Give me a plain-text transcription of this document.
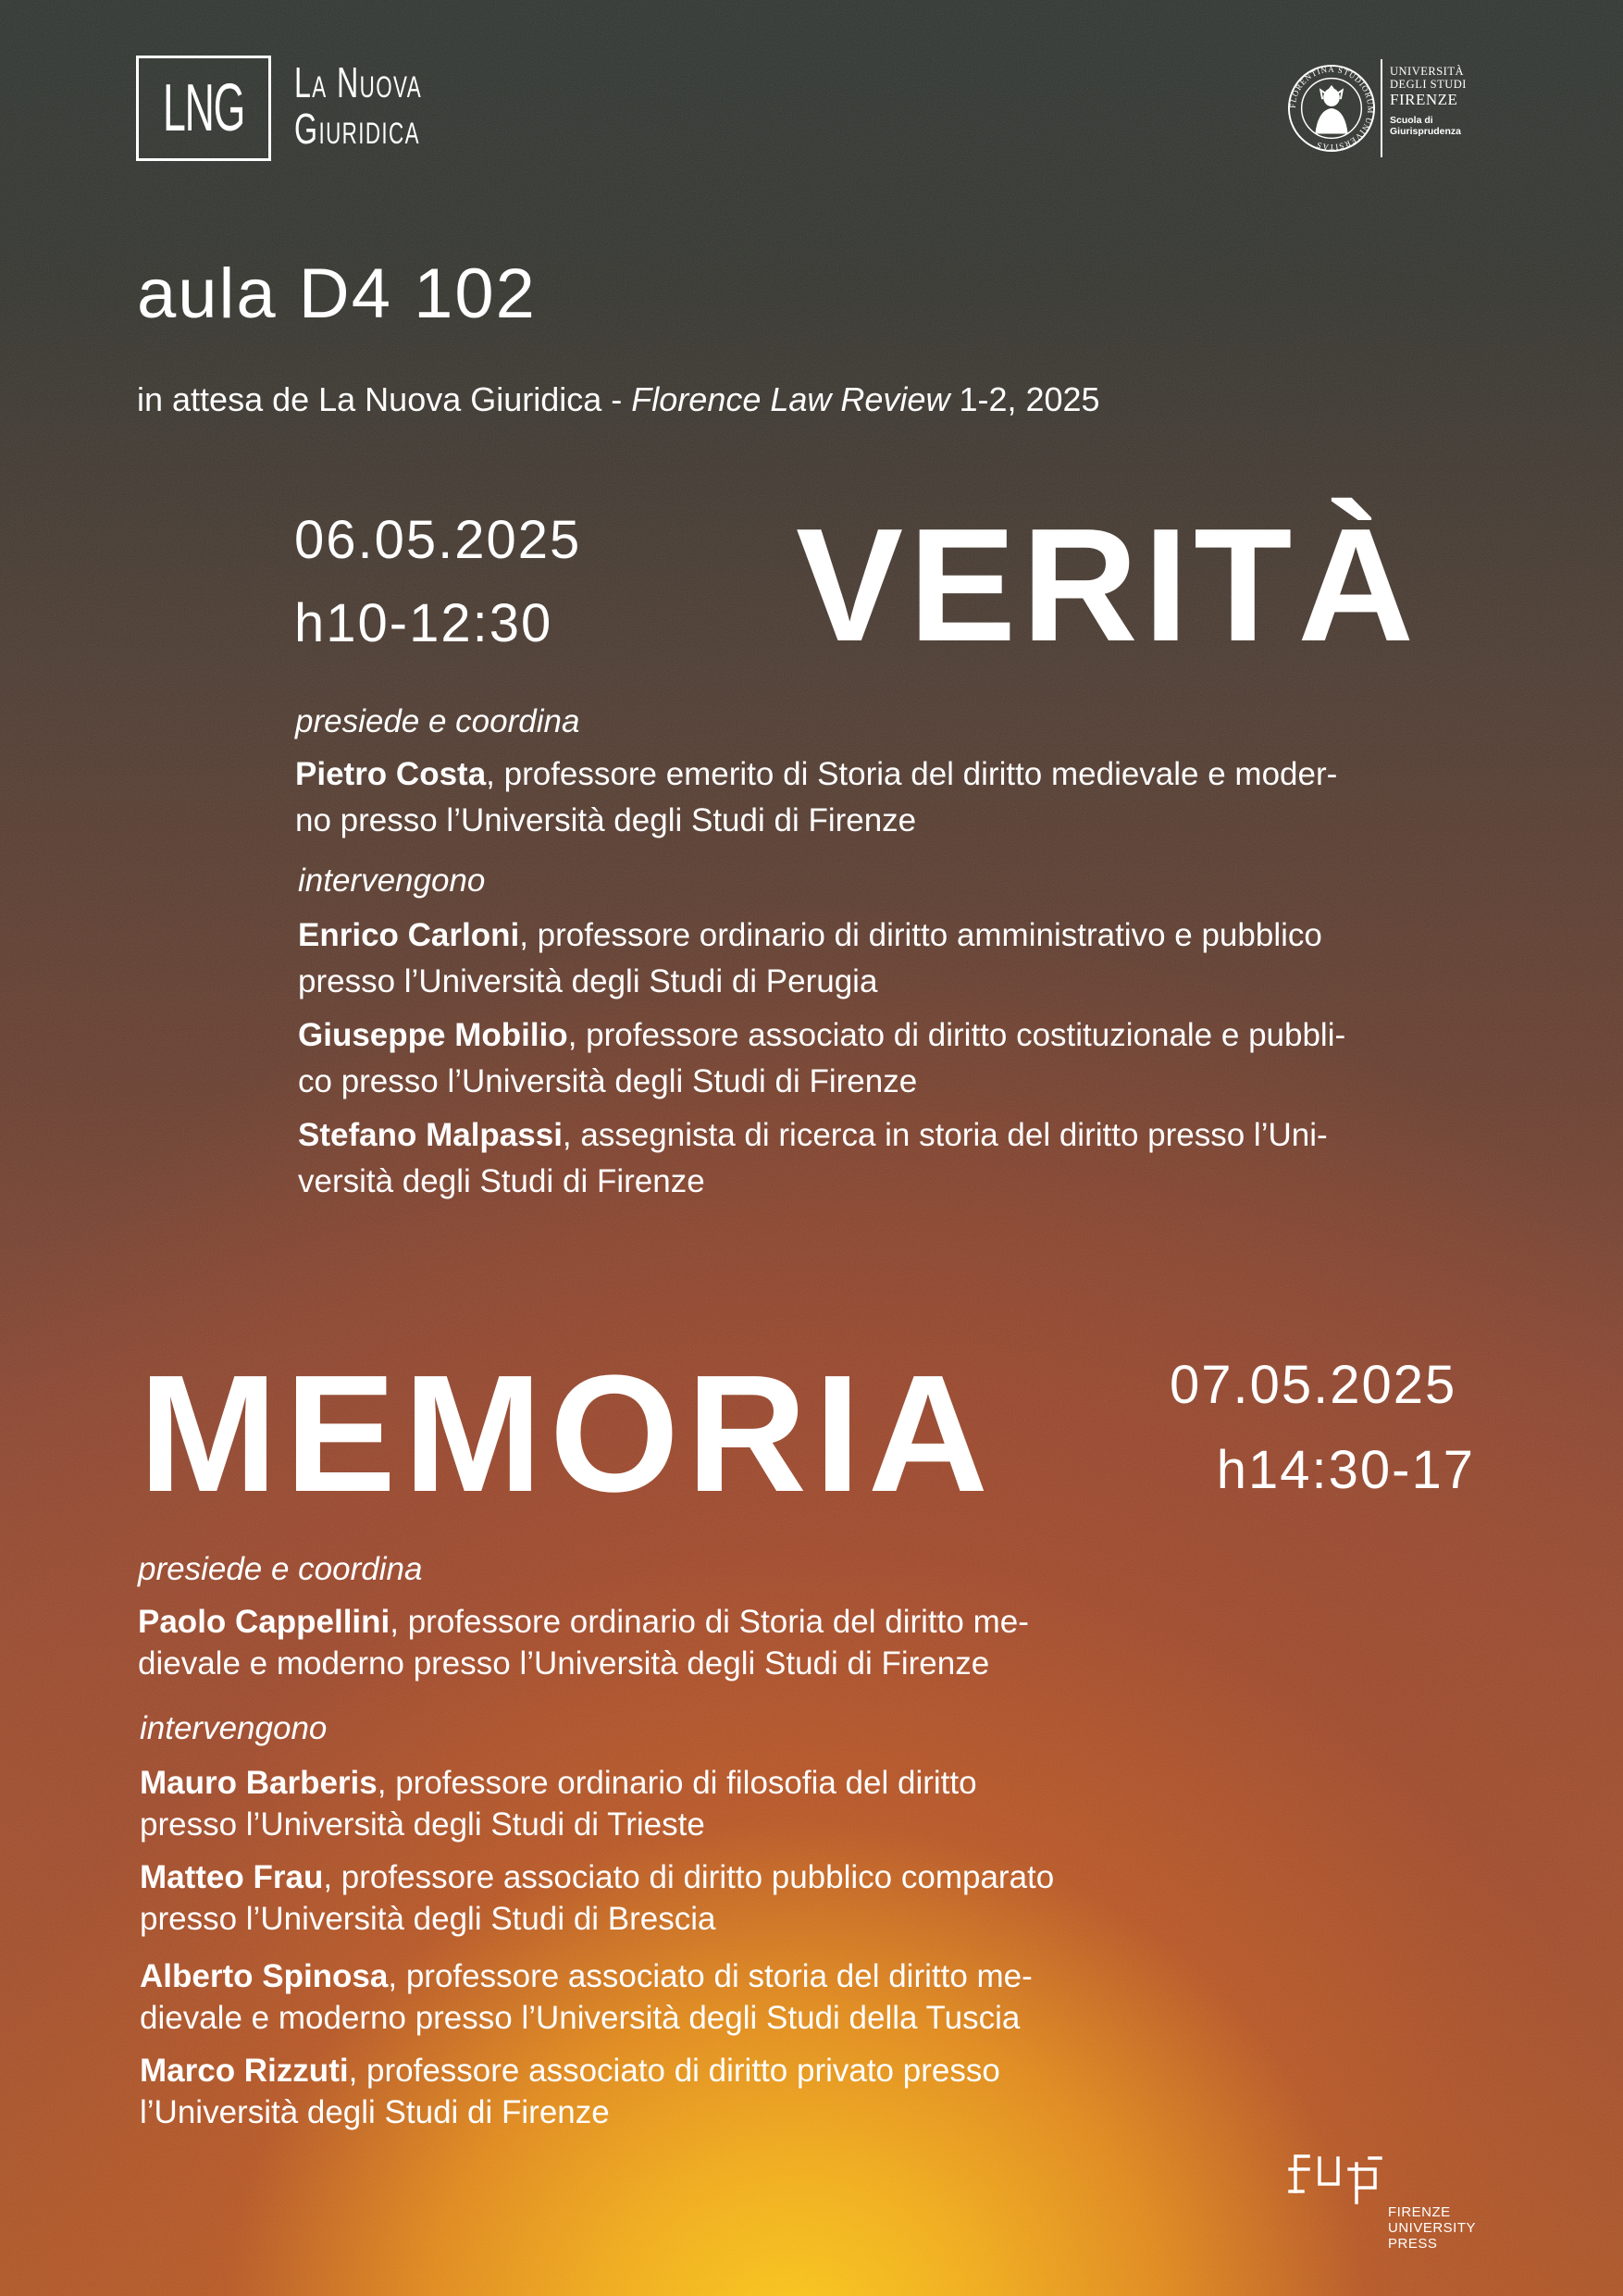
LNG La Nuova
Giuridica	FLORENTINA STUDIORUM UNIVERSITAS
UNIVERSITÀ
DEGLI STUDI
FIRENZE
Scuola di
Giurisprudenza
aula D4 102
in attesa de La Nuova Giuridica - Florence Law Review 1-2, 2025
06.05.2025
h10-12:30 VERITÀ
presiede e coordina
Pietro Costa, professore emerito di Storia del diritto medievale e moder-
no presso l’Università degli Studi di Firenze
intervengono
Enrico Carloni, professore ordinario di diritto amministrativo e pubblico
presso l’Università degli Studi di Perugia
Giuseppe Mobilio, professore associato di diritto costituzionale e pubbli-
co presso l’Università degli Studi di Firenze
Stefano Malpassi, assegnista di ricerca in storia del diritto presso l’Uni-
versità degli Studi di Firenze
MEMORIA	07.05.2025
h14:30-17
presiede e coordina
Paolo Cappellini, professore ordinario di Storia del diritto me-
dievale e moderno presso l’Università degli Studi di Firenze
intervengono
Mauro Barberis, professore ordinario di filosofia del diritto
presso l’Università degli Studi di Trieste
Matteo Frau, professore associato di diritto pubblico comparato
presso l’Università degli Studi di Brescia
Alberto Spinosa, professore associato di storia del diritto me-
dievale e moderno presso l’Università degli Studi della Tuscia
Marco Rizzuti, professore associato di diritto privato presso
l’Università degli Studi di Firenze
FIRENZE
UNIVERSITY
PRESS
